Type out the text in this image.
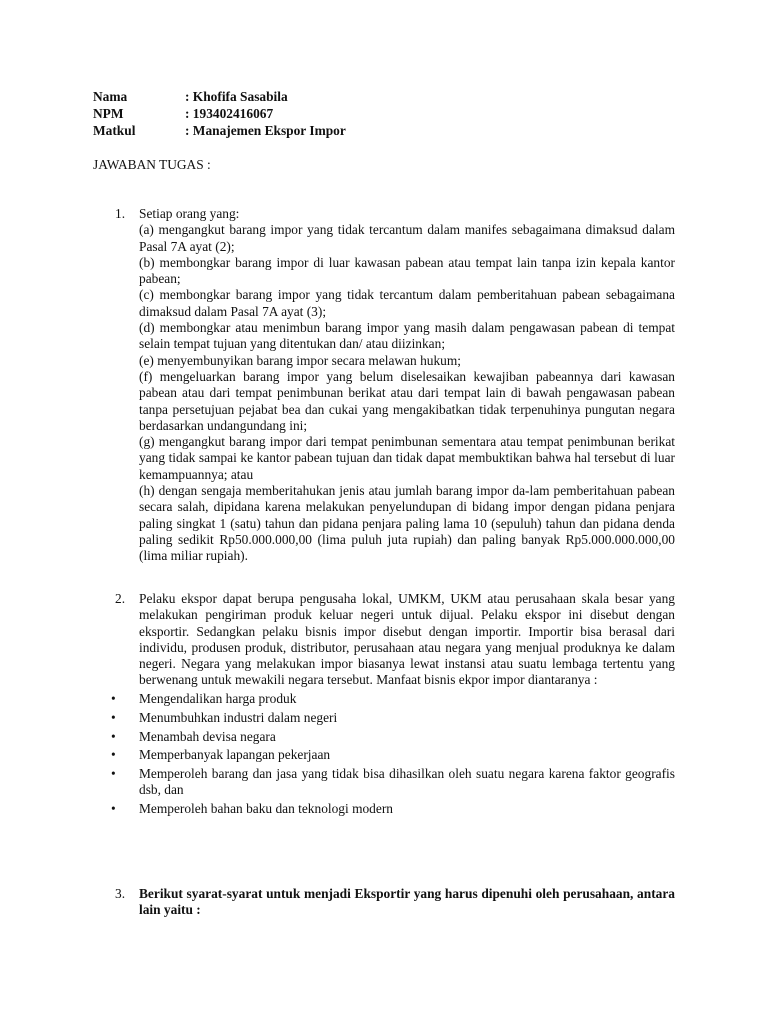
Nama	: Khofifa Sasabila
NPM	: 193402416067
Matkul	: Manajemen Ekspor Impor
JAWABAN TUGAS :
1. Setiap orang yang:

(a) mengangkut barang impor yang tidak tercantum dalam manifes sebagaimana dimaksud dalam Pasal 7A ayat (2);

(b) membongkar barang impor di luar kawasan pabean atau tempat lain tanpa izin kepala kantor pabean;

(c) membongkar barang impor yang tidak tercantum dalam pemberitahuan pabean sebagaimana dimaksud dalam Pasal 7A ayat (3);

(d) membongkar atau menimbun barang impor yang masih dalam pengawasan pabean di tempat selain tempat tujuan yang ditentukan dan/ atau diizinkan;

(e) menyembunyikan barang impor secara melawan hukum;

(f) mengeluarkan barang impor yang belum diselesaikan kewajiban pabeannya dari kawasan pabean atau dari tempat penimbunan berikat atau dari tempat lain di bawah pengawasan pabean tanpa persetujuan pejabat bea dan cukai yang mengakibatkan tidak terpenuhinya pungutan negara berdasarkan undangundang ini;

(g) mengangkut barang impor dari tempat penimbunan sementara atau tempat penimbunan berikat yang tidak sampai ke kantor pabean tujuan dan tidak dapat membuktikan bahwa hal tersebut di luar kemampuannya; atau

(h) dengan sengaja memberitahukan jenis atau jumlah barang impor da-lam pemberitahuan pabean secara salah, dipidana karena melakukan penyelundupan di bidang impor dengan pidana penjara paling singkat 1 (satu) tahun dan pidana penjara paling lama 10 (sepuluh) tahun dan pidana denda paling sedikit Rp50.000.000,00 (lima puluh juta rupiah) dan paling banyak Rp5.000.000.000,00 (lima miliar rupiah).

2. Pelaku ekspor dapat berupa pengusaha lokal, UMKM, UKM atau perusahaan skala besar yang melakukan pengiriman produk keluar negeri untuk dijual. Pelaku ekspor ini disebut dengan eksportir. Sedangkan pelaku bisnis impor disebut dengan importir. Importir bisa berasal dari individu, produsen produk, distributor, perusahaan atau negara yang menjual produknya ke dalam negeri. Negara yang melakukan impor biasanya lewat instansi atau suatu lembaga tertentu yang berwenang untuk mewakili negara tersebut. Manfaat bisnis ekpor impor diantaranya :

• Mengendalikan harga produk
• Menumbuhkan industri dalam negeri
• Menambah devisa negara
• Memperbanyak lapangan pekerjaan
• Memperoleh barang dan jasa yang tidak bisa dihasilkan oleh suatu negara karena faktor geografis dsb, dan
• Memperoleh bahan baku dan teknologi modern
3. Berikut syarat-syarat untuk menjadi Eksportir yang harus dipenuhi oleh perusahaan, antara lain yaitu :
